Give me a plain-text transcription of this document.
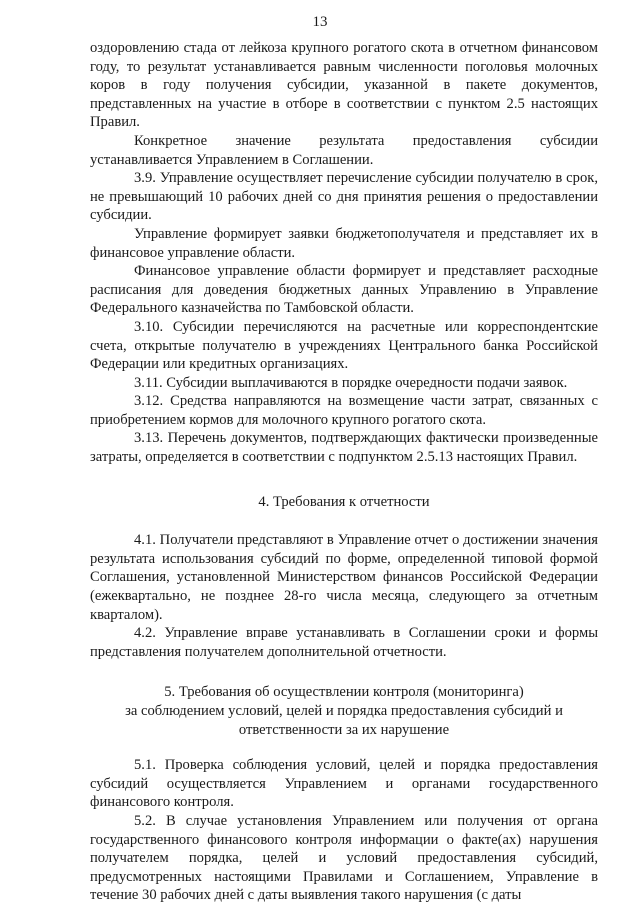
13

оздоровлению стада от лейкоза крупного рогатого скота в отчетном финансовом году, то результат устанавливается равным численности поголовья молочных коров в году получения субсидии, указанной в пакете документов, представленных на участие в отборе в соответствии с пунктом 2.5 настоящих Правил.

Конкретное значение результата предоставления субсидии устанавливается Управлением в Соглашении.

3.9. Управление осуществляет перечисление субсидии получателю в срок, не превышающий 10 рабочих дней со дня принятия решения о предоставлении субсидии.

Управление формирует заявки бюджетополучателя и представляет их в финансовое управление области.

Финансовое управление области формирует и представляет расходные расписания для доведения бюджетных данных Управлению в Управление Федерального казначейства по Тамбовской области.

3.10. Субсидии перечисляются на расчетные или корреспондентские счета, открытые получателю в учреждениях Центрального банка Российской Федерации или кредитных организациях.

3.11. Субсидии выплачиваются в порядке очередности подачи заявок.

3.12. Средства направляются на возмещение части затрат, связанных с приобретением кормов для молочного крупного рогатого скота.

3.13. Перечень документов, подтверждающих фактически произведенные затраты, определяется в соответствии с подпунктом 2.5.13 настоящих Правил.

4. Требования к отчетности

4.1. Получатели представляют в Управление отчет о достижении значения результата использования субсидий по форме, определенной типовой формой Соглашения, установленной Министерством финансов Российской Федерации (ежеквартально, не позднее 28-го числа месяца, следующего за отчетным кварталом).

4.2. Управление вправе устанавливать в Соглашении сроки и формы представления получателем дополнительной отчетности.

5. Требования об осуществлении контроля (мониторинга)

за соблюдением условий, целей и порядка предоставления субсидий и

ответственности за их нарушение

5.1. Проверка соблюдения условий, целей и порядка предоставления субсидий осуществляется Управлением и органами государственного финансового контроля.

5.2. В случае установления Управлением или получения от органа государственного финансового контроля информации о факте(ах) нарушения получателем порядка, целей и условий предоставления субсидий, предусмотренных настоящими Правилами и Соглашением, Управление в течение 30 рабочих дней с даты выявления такого нарушения (с даты
